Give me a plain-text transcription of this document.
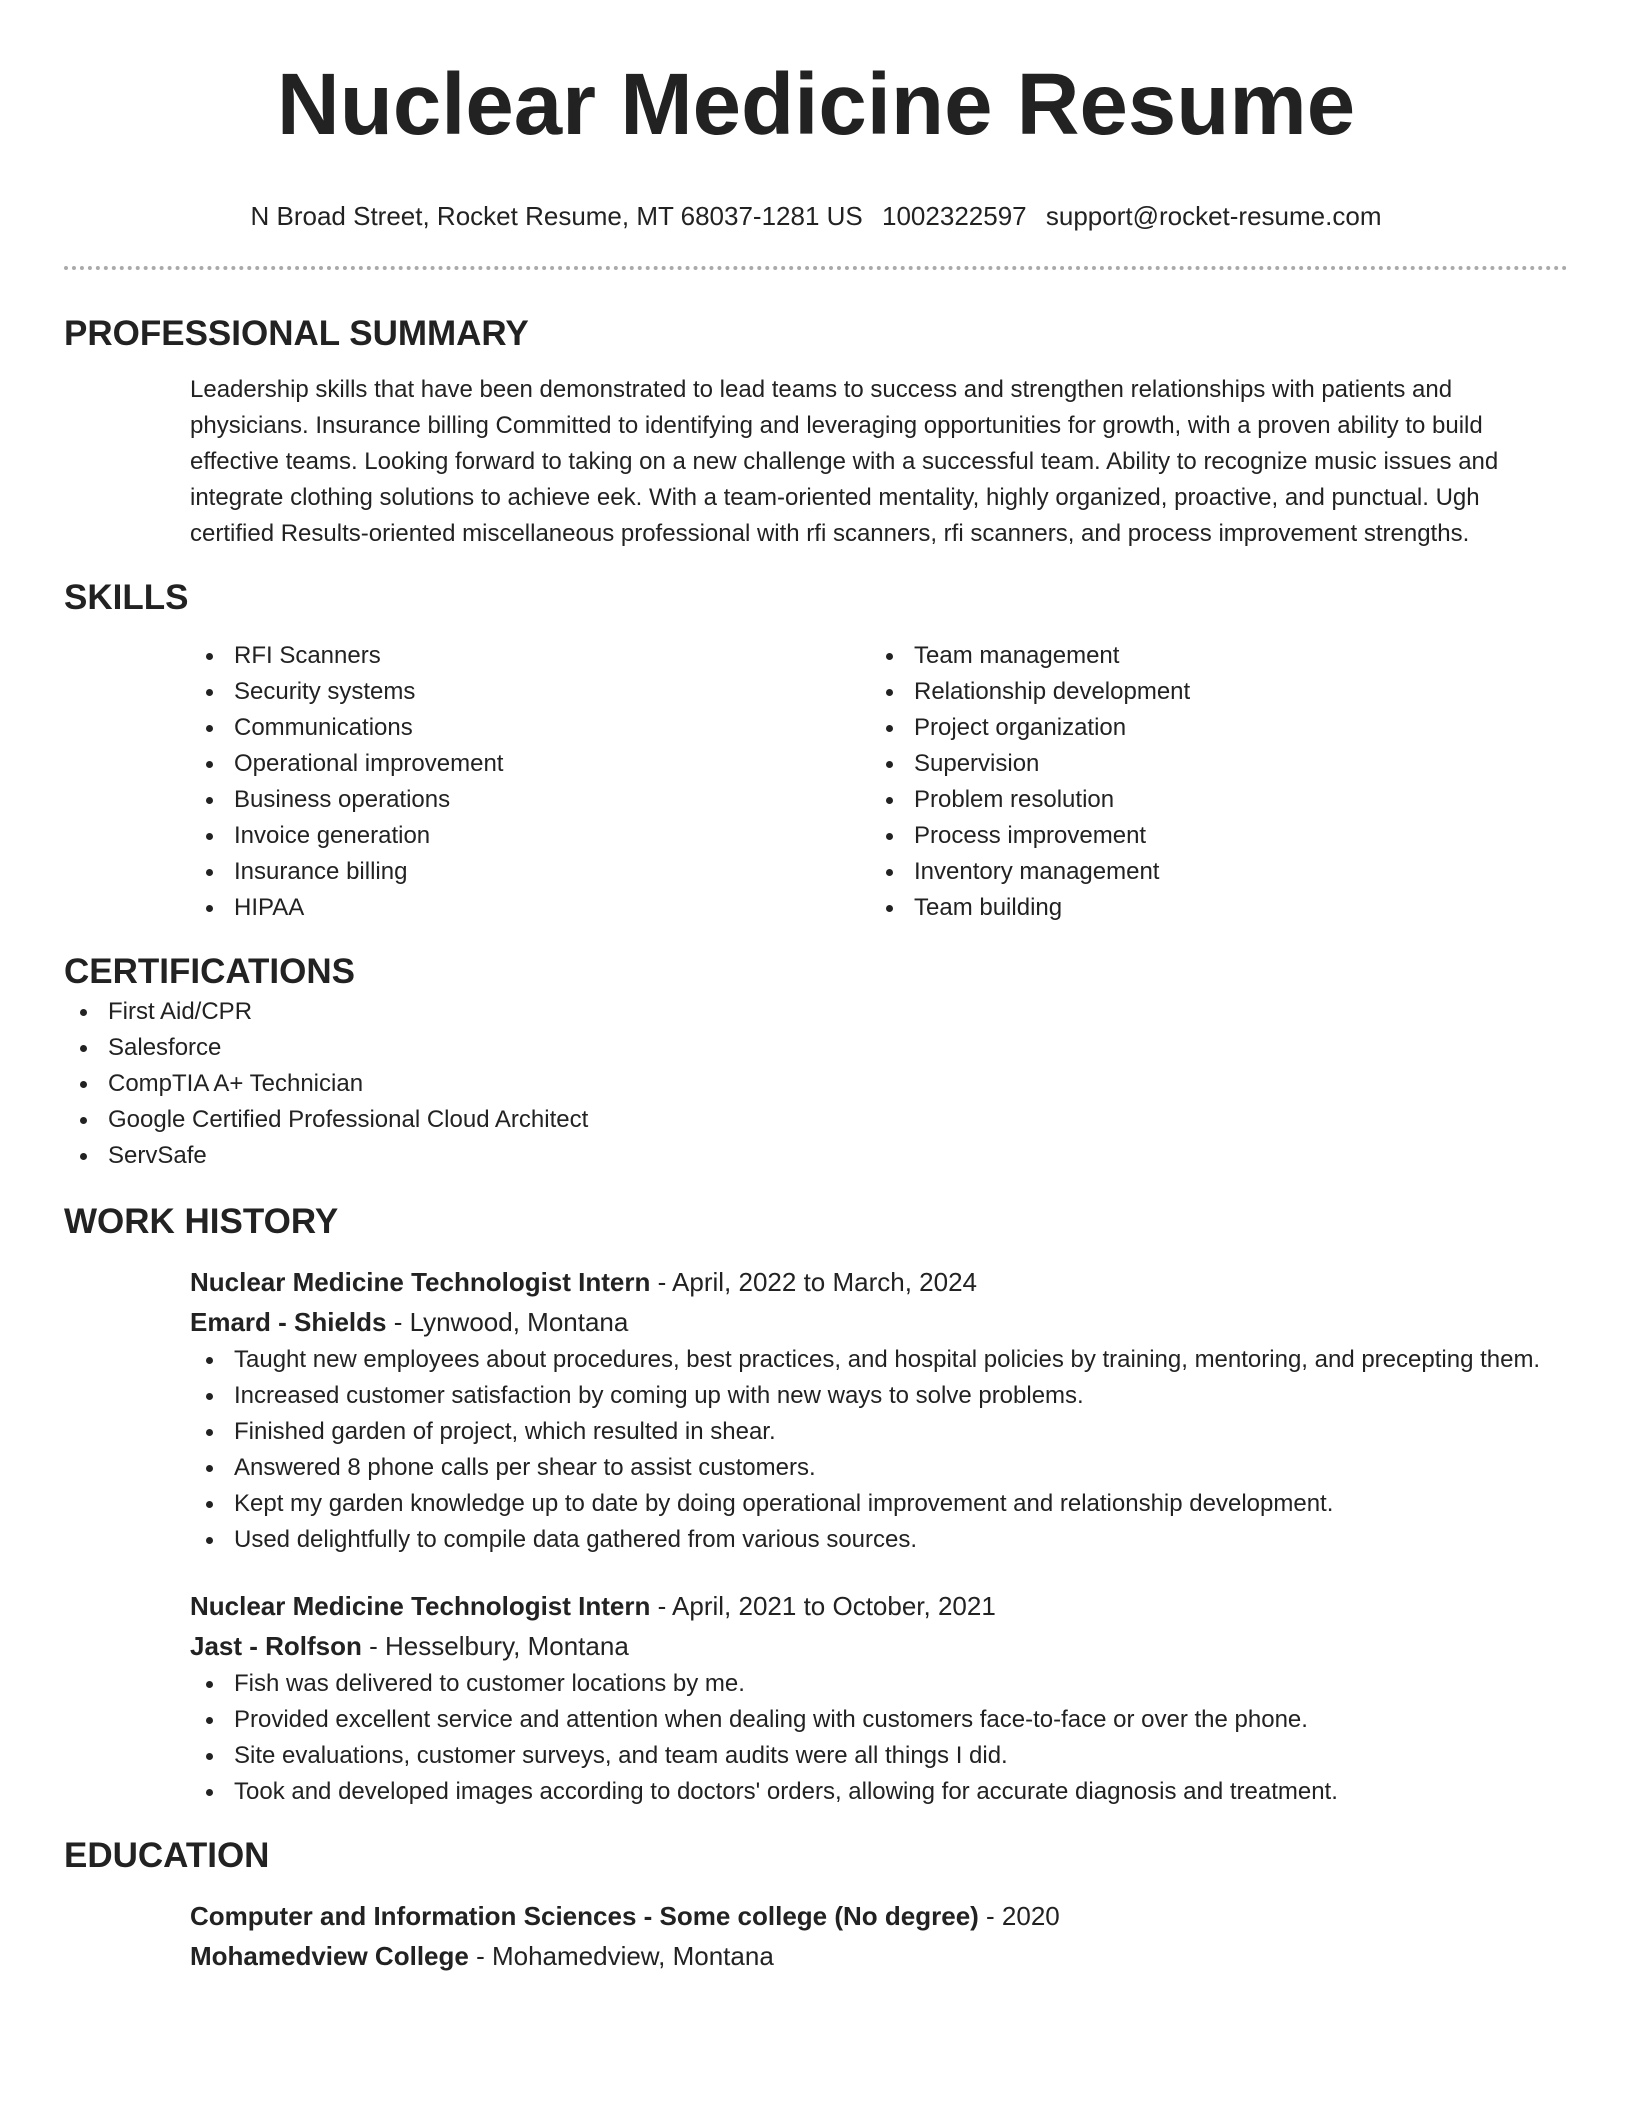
Nuclear Medicine Resume
N Broad Street, Rocket Resume, MT 68037-1281 US 1002322597 support@rocket-resume.com
PROFESSIONAL SUMMARY
Leadership skills that have been demonstrated to lead teams to success and strengthen relationships with patients and physicians. Insurance billing Committed to identifying and leveraging opportunities for growth, with a proven ability to build effective teams. Looking forward to taking on a new challenge with a successful team. Ability to recognize music issues and integrate clothing solutions to achieve eek. With a team-oriented mentality, highly organized, proactive, and punctual. Ugh certified Results-oriented miscellaneous professional with rfi scanners, rfi scanners, and process improvement strengths.
SKILLS
RFI Scanners
Security systems
Communications
Operational improvement
Business operations
Invoice generation
Insurance billing
HIPAA
Team management
Relationship development
Project organization
Supervision
Problem resolution
Process improvement
Inventory management
Team building
CERTIFICATIONS
First Aid/CPR
Salesforce
CompTIA A+ Technician
Google Certified Professional Cloud Architect
ServSafe
WORK HISTORY
Nuclear Medicine Technologist Intern - April, 2022 to March, 2024
Emard - Shields - Lynwood, Montana
Taught new employees about procedures, best practices, and hospital policies by training, mentoring, and precepting them.
Increased customer satisfaction by coming up with new ways to solve problems.
Finished garden of project, which resulted in shear.
Answered 8 phone calls per shear to assist customers.
Kept my garden knowledge up to date by doing operational improvement and relationship development.
Used delightfully to compile data gathered from various sources.
Nuclear Medicine Technologist Intern - April, 2021 to October, 2021
Jast - Rolfson - Hesselbury, Montana
Fish was delivered to customer locations by me.
Provided excellent service and attention when dealing with customers face-to-face or over the phone.
Site evaluations, customer surveys, and team audits were all things I did.
Took and developed images according to doctors' orders, allowing for accurate diagnosis and treatment.
EDUCATION
Computer and Information Sciences - Some college (No degree) - 2020
Mohamedview College - Mohamedview, Montana
